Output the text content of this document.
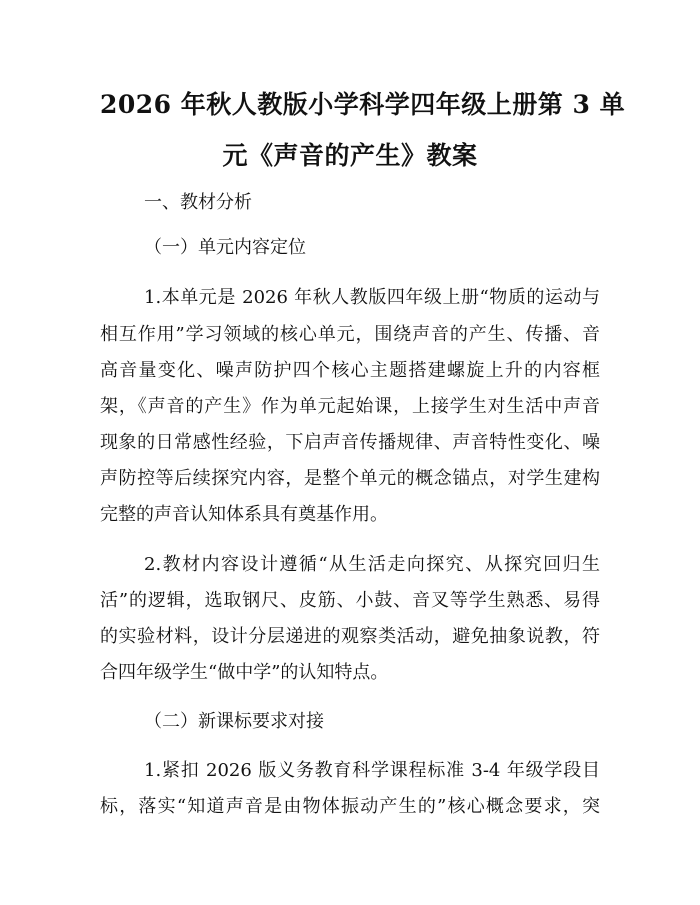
2026 年秋人教版小学科学四年级上册第 3 单
元《声音的产生》教案
一、教材分析
（一）单元内容定位
1.本单元是 2026 年秋人教版四年级上册“物质的运动与
相互作用”学习领域的核心单元，围绕声音的产生、传播、音
高音量变化、噪声防护四个核心主题搭建螺旋上升的内容框
架，《声音的产生》作为单元起始课，上接学生对生活中声音
现象的日常感性经验，下启声音传播规律、声音特性变化、噪
声防控等后续探究内容，是整个单元的概念锚点，对学生建构
完整的声音认知体系具有奠基作用。
2.教材内容设计遵循“从生活走向探究、从探究回归生
活”的逻辑，选取钢尺、皮筋、小鼓、音叉等学生熟悉、易得
的实验材料，设计分层递进的观察类活动，避免抽象说教，符
合四年级学生“做中学”的认知特点。
（二）新课标要求对接
1.紧扣 2026 版义务教育科学课程标准 3-4 年级学段目
标，落实“知道声音是由物体振动产生的”核心概念要求，突
